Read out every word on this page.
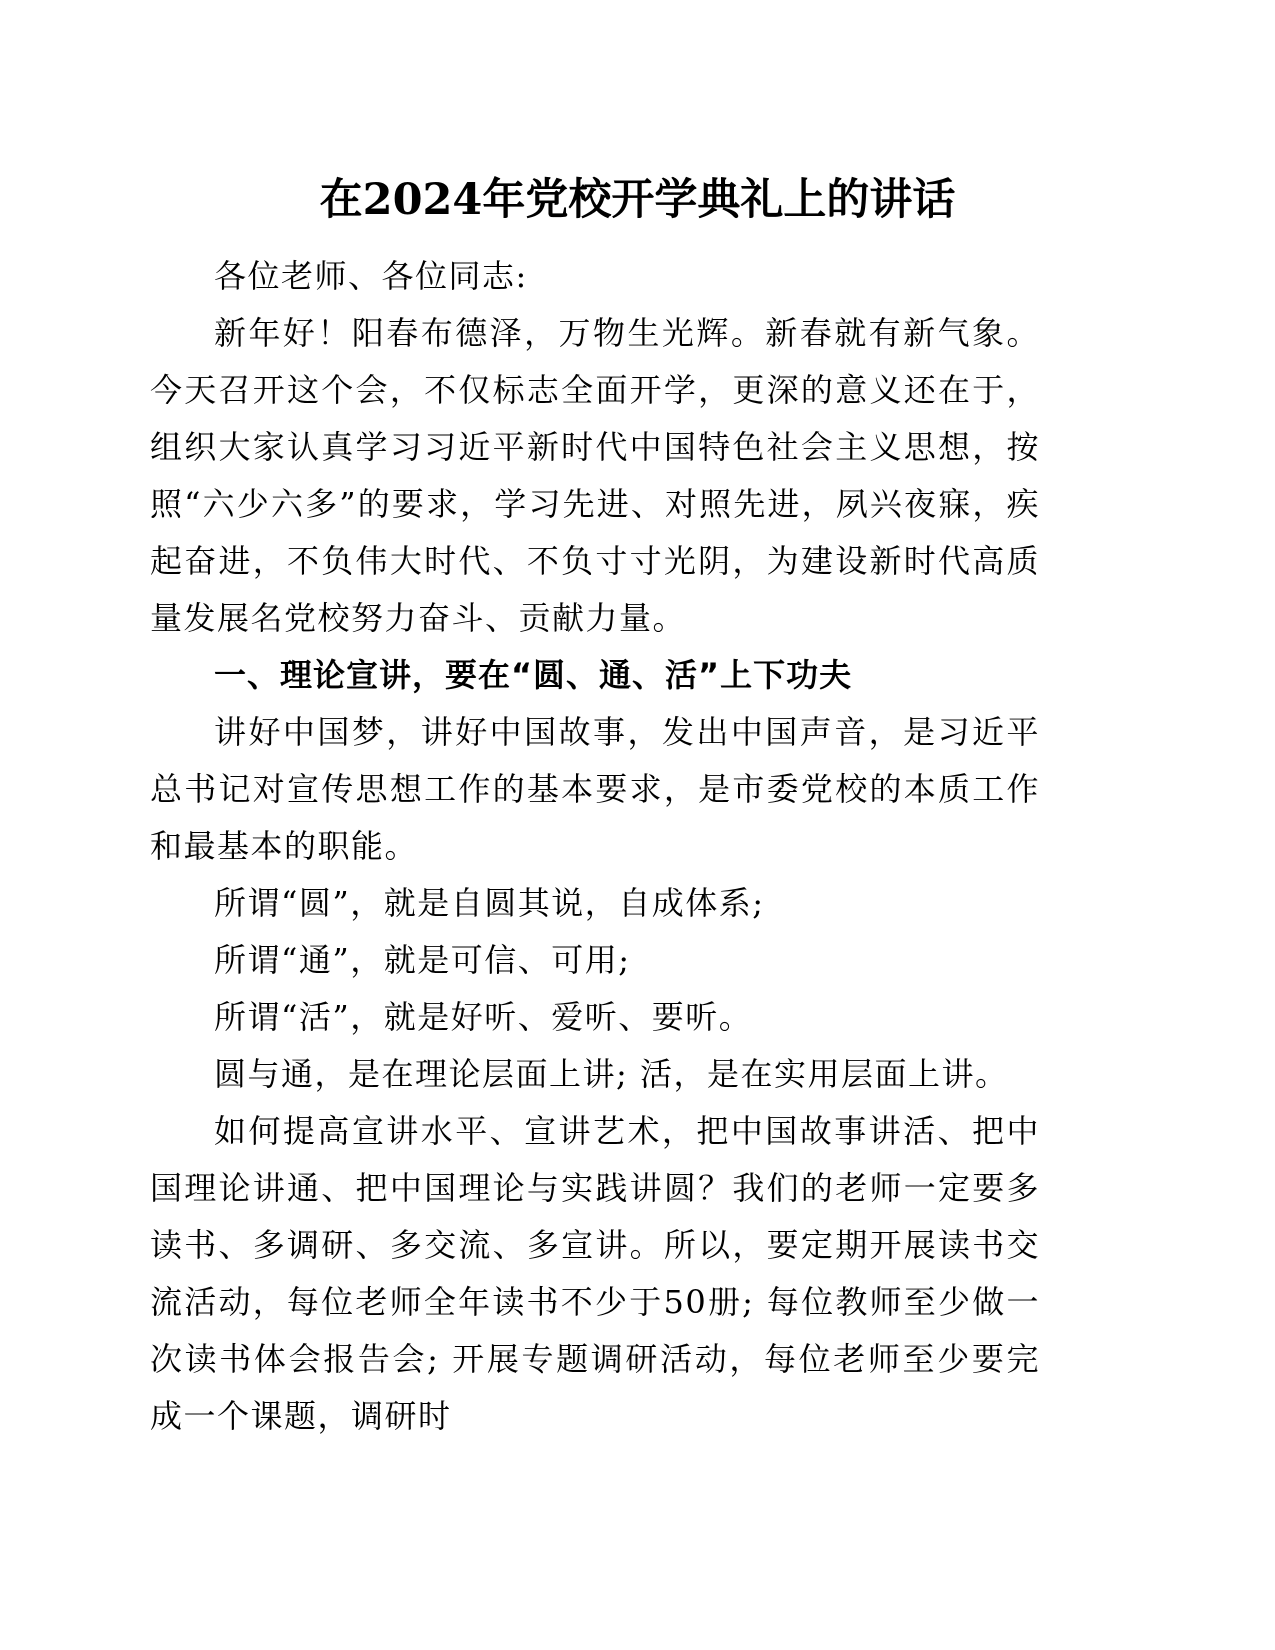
在2024年党校开学典礼上的讲话

各位老师、各位同志:

新年好！阳春布德泽，万物生光辉。新春就有新气象。今天召开这个会，不仅标志全面开学，更深的意义还在于，组织大家认真学习习近平新时代中国特色社会主义思想，按照“六少六多”的要求，学习先进、对照先进，夙兴夜寐，疾起奋进，不负伟大时代、不负寸寸光阴，为建设新时代高质量发展名党校努力奋斗、贡献力量。

一、理论宣讲，要在“圆、通、活”上下功夫

讲好中国梦，讲好中国故事，发出中国声音，是习近平总书记对宣传思想工作的基本要求，是市委党校的本质工作和最基本的职能。

所谓“圆”，就是自圆其说，自成体系;

所谓“通”，就是可信、可用;

所谓“活”，就是好听、爱听、要听。

圆与通，是在理论层面上讲; 活，是在实用层面上讲。

如何提高宣讲水平、宣讲艺术，把中国故事讲活、把中国理论讲通、把中国理论与实践讲圆？我们的老师一定要多读书、多调研、多交流、多宣讲。所以，要定期开展读书交流活动，每位老师全年读书不少于50册; 每位教师至少做一次读书体会报告会; 开展专题调研活动，每位老师至少要完成一个课题，调研时
